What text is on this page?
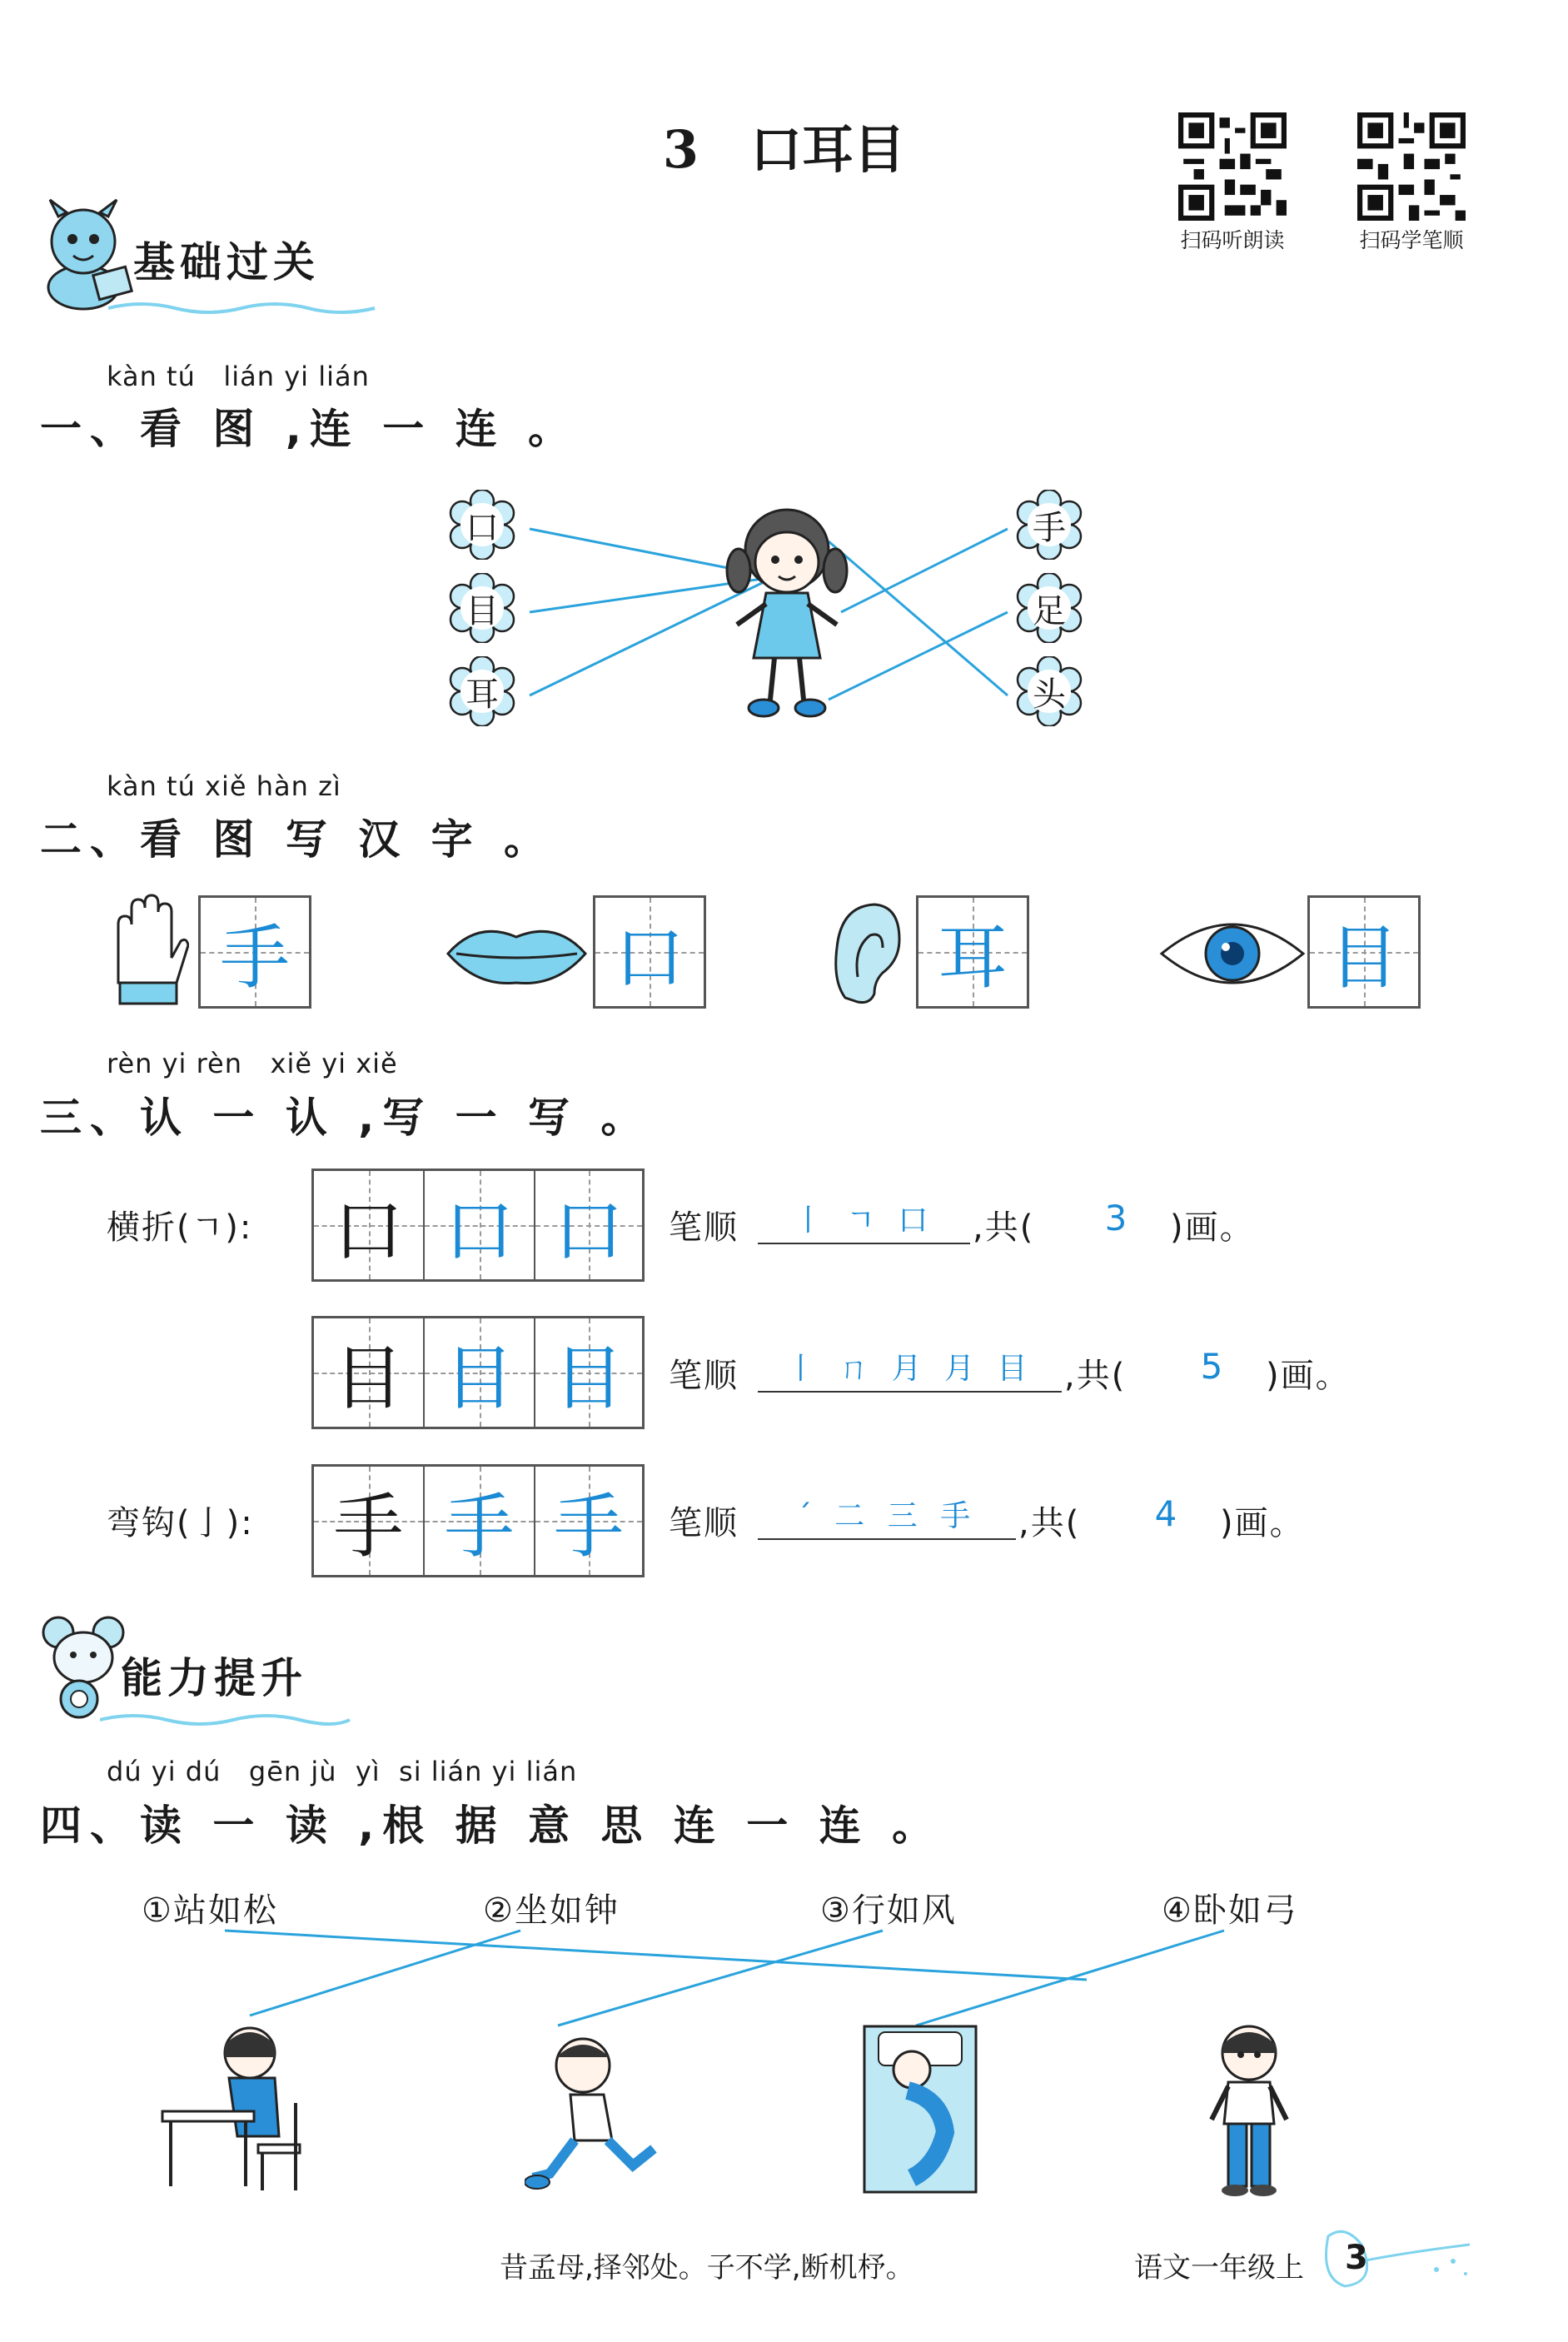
3　口耳目
扫码听朗读	扫码学笔顺
基础过关
kàn tú   lián yi lián
一、看 图 ,连 一 连 。
口
目
耳
手
足
头
kàn tú xiě hàn zì
二、看 图 写 汉 字 。
手	口	耳	目
rèn yi rèn   xiě yi xiě
三、认 一 认 ,写 一 写 。
横折(ㄱ): 口 口 口	笔顺	丨 ㄱ 口	,共(	3	)画。
目 目 目	笔顺	丨 ㄇ 月 月 目 ,共(	5	)画。
弯钩(亅): 手 手 手	笔顺	ˊ 二 三 手	,共(	4	)画。
能力提升
dú yi dú   gēn jù  yì  si lián yi lián
四、读 一 读 ,根 据 意 思 连 一 连 。
①站如松	②坐如钟	③行如风	④卧如弓
昔孟母,择邻处。子不学,断机杼。	语文一年级上 3
